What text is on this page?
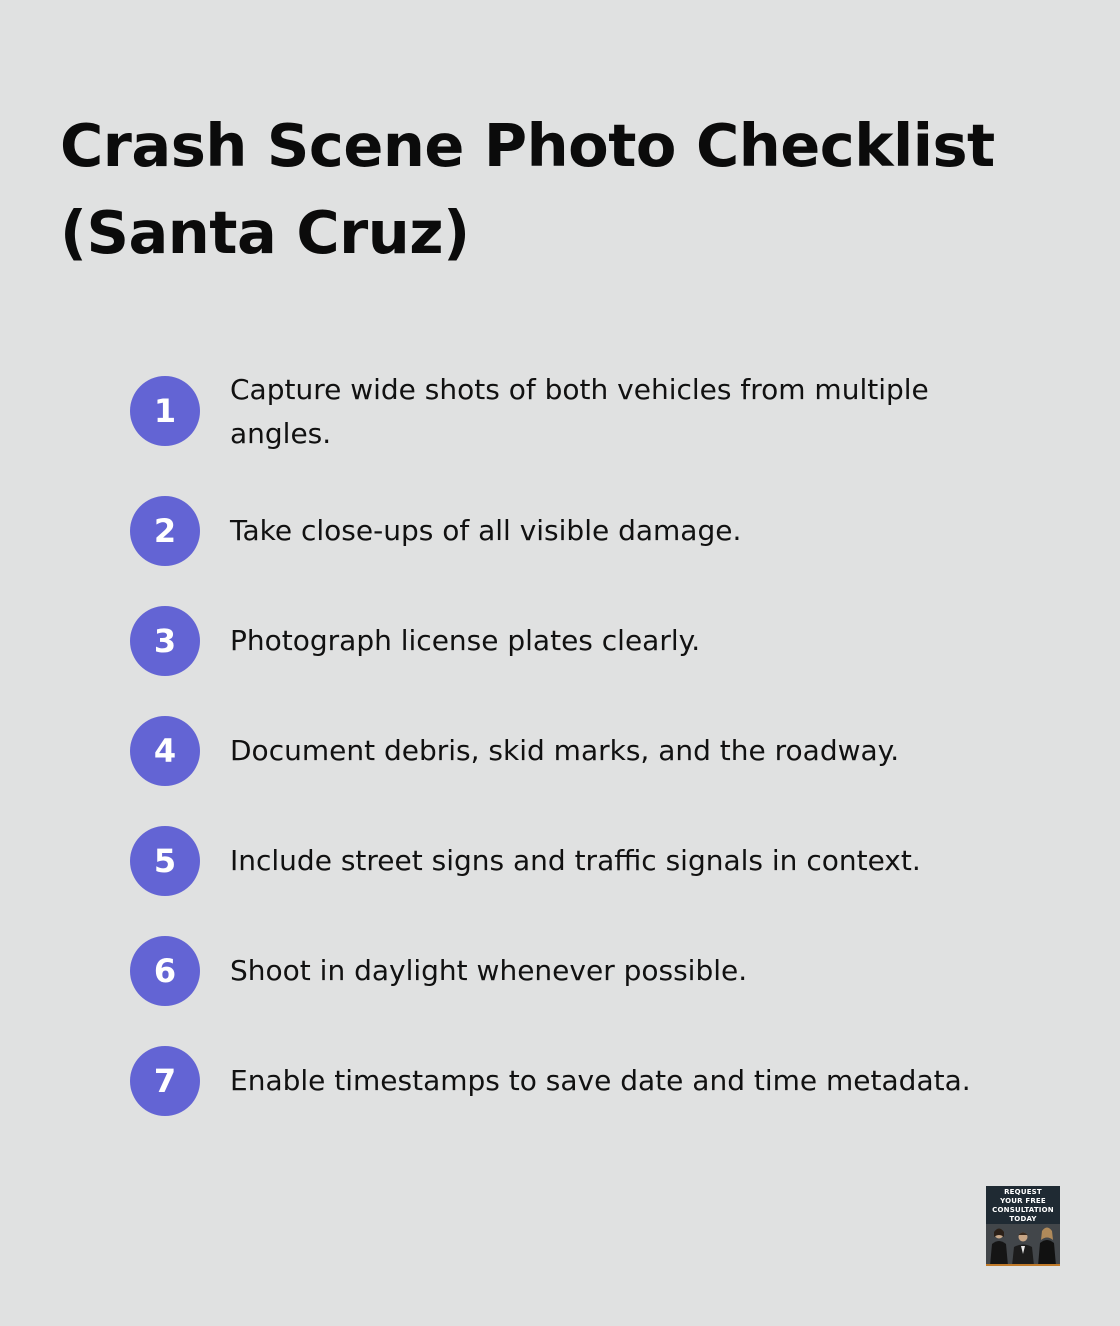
Crash Scene Photo Checklist (Santa Cruz)
1
Capture wide shots of both vehicles from multiple angles.
2	Take close-ups of all visible damage.
3	Photograph license plates clearly.
4	Document debris, skid marks, and the roadway.
5	Include street signs and traffic signals in context.
6	Shoot in daylight whenever possible.
7	Enable timestamps to save date and time metadata.
REQUEST
YOUR FREE
CONSULTATION
TODAY
